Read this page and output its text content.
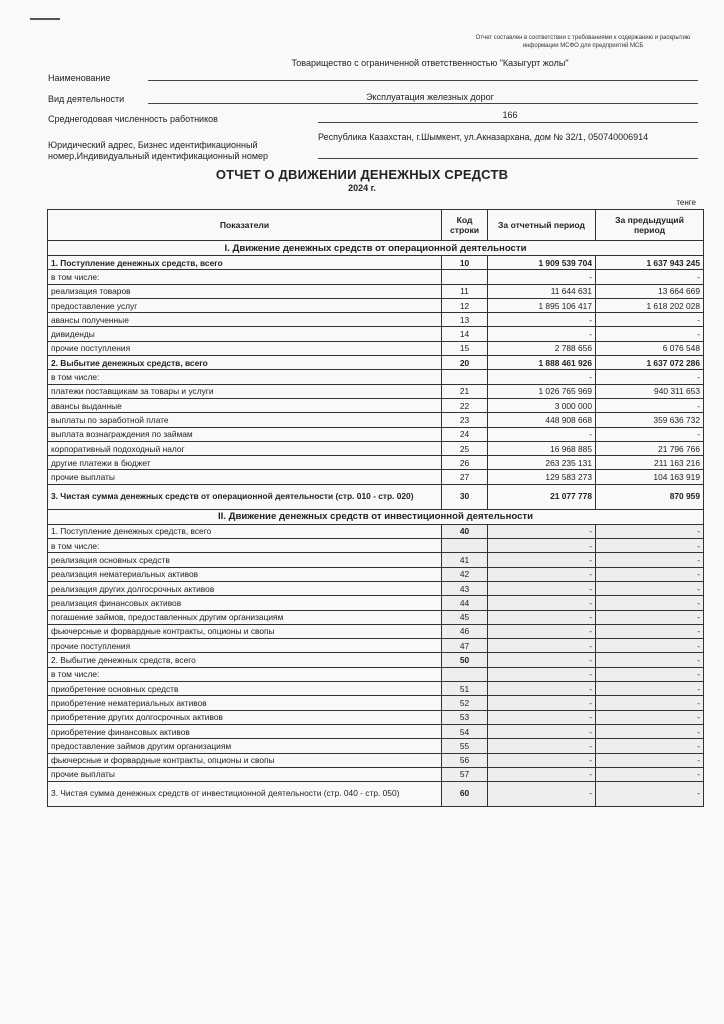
Отчет составлен в соответствии с требованиями к содержанию и раскрытию информации МСФО для предприятий МСБ
Товарищество с ограниченной ответственностью "Казыгурт жолы"
Наименование
Эксплуатация железных дорог
Вид деятельности
166
Среднегодовая численность работников
Юридический адрес, Бизнес идентификационный
номер,Индивидуальный идентификационный номер
Республика Казахстан, г.Шымкент, ул.Акназархана, дом № 32/1, 050740006914
ОТЧЕТ О ДВИЖЕНИИ ДЕНЕЖНЫХ СРЕДСТВ
2024 г.
тенге
Показатели	Код строки	За отчетный период	За предыдущий период
I. Движение денежных средств от операционной деятельности			
1. Поступление денежных средств, всего	10	1 909 539 704	1 637 943 245
в том числе:		-	-
реализация товаров	11	11 644 631	13 664 669
предоставление услуг	12	1 895 106 417	1 618 202 028
авансы полученные	13	-	-
дивиденды	14	-	-
прочие поступления	15	2 788 656	6 076 548
2. Выбытие денежных средств, всего	20	1 888 461 926	1 637 072 286
в том числе:		-	-
платежи поставщикам за товары и услуги	21	1 026 765 969	940 311 653
авансы выданные	22	3 000 000	-
выплаты по заработной плате	23	448 908 668	359 636 732
выплата вознаграждения по займам	24	-	-
корпоративный подоходный налог	25	16 968 885	21 796 766
другие платежи в бюджет	26	263 235 131	211 163 216
прочие выплаты	27	129 583 273	104 163 919
3. Чистая сумма денежных средств от операционной деятельности (стр. 010 - стр. 020)	30	21 077 778	870 959
II. Движение денежных средств от инвестиционной деятельности			
1. Поступление денежных средств, всего	40	-	-
в том числе:		-	-
реализация основных средств	41	-	-
реализация нематериальных активов	42	-	-
реализация других долгосрочных активов	43	-	-
реализация финансовых активов	44	-	-
погашение займов, предоставленных другим организациям	45	-	-
фьючерсные и форвардные контракты, опционы и свопы	46	-	-
прочие поступления	47	-	-
2. Выбытие денежных средств, всего	50	-	-
в том числе:		-	-
приобретение основных средств	51	-	-
приобретение нематериальных активов	52	-	-
приобретение других долгосрочных активов	53	-	-
приобретение финансовых активов	54	-	-
предоставление займов другим организациям	55	-	-
фьючерсные и форвардные контракты, опционы и свопы	56	-	-
прочие выплаты	57	-	-
3. Чистая сумма денежных средств от инвестиционной деятельности (стр. 040 - стр. 050)	60	-	-
